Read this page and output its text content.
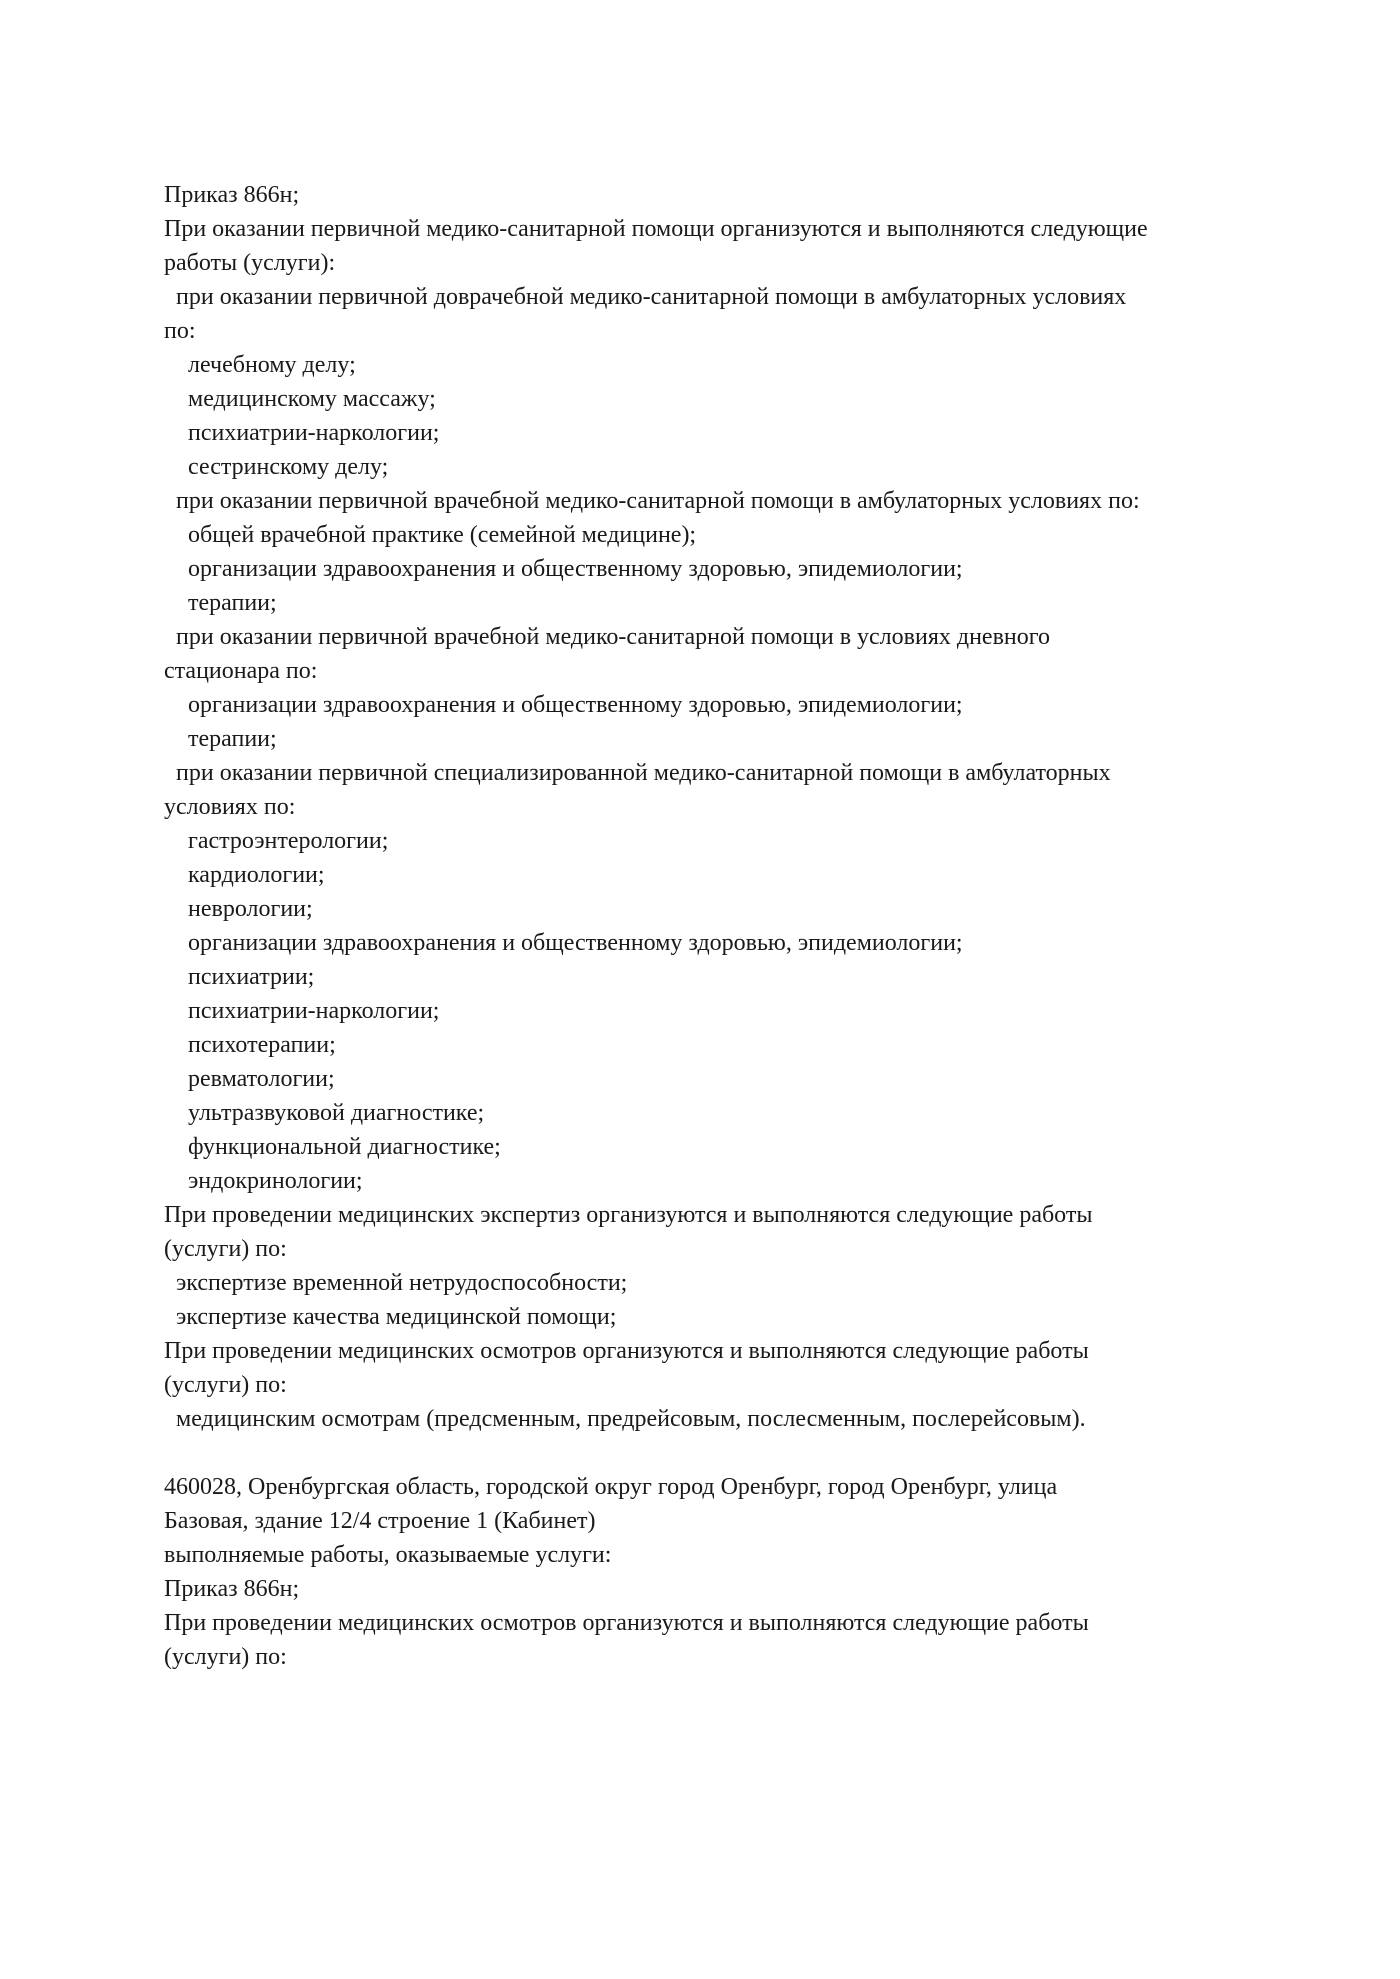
Приказ 866н;
При оказании первичной медико-санитарной помощи организуются и выполняются следующие
работы (услуги):
при оказании первичной доврачебной медико-санитарной помощи в амбулаторных условиях
по:
лечебному делу;
медицинскому массажу;
психиатрии-наркологии;
сестринскому делу;
при оказании первичной врачебной медико-санитарной помощи в амбулаторных условиях по:
общей врачебной практике (семейной медицине);
организации здравоохранения и общественному здоровью, эпидемиологии;
терапии;
при оказании первичной врачебной медико-санитарной помощи в условиях дневного
стационара по:
организации здравоохранения и общественному здоровью, эпидемиологии;
терапии;
при оказании первичной специализированной медико-санитарной помощи в амбулаторных
условиях по:
гастроэнтерологии;
кардиологии;
неврологии;
организации здравоохранения и общественному здоровью, эпидемиологии;
психиатрии;
психиатрии-наркологии;
психотерапии;
ревматологии;
ультразвуковой диагностике;
функциональной диагностике;
эндокринологии;
При проведении медицинских экспертиз организуются и выполняются следующие работы
(услуги) по:
экспертизе временной нетрудоспособности;
экспертизе качества медицинской помощи;
При проведении медицинских осмотров организуются и выполняются следующие работы
(услуги) по:
медицинским осмотрам (предсменным, предрейсовым, послесменным, послерейсовым).
460028, Оренбургская область, городской округ город Оренбург, город Оренбург, улица
Базовая, здание 12/4 строение 1 (Кабинет)
выполняемые работы, оказываемые услуги:
Приказ 866н;
При проведении медицинских осмотров организуются и выполняются следующие работы
(услуги) по:
